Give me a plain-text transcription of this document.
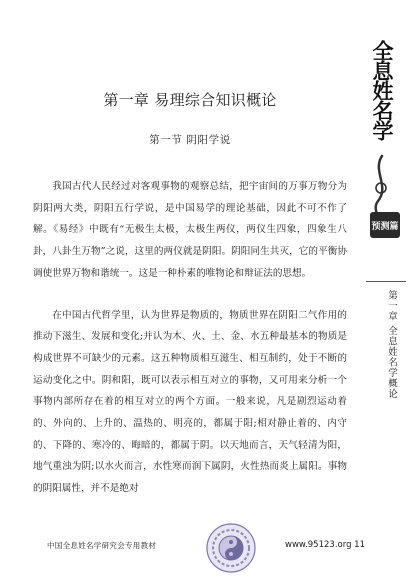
第一章 易理综合知识概论
第一节 阴阳学说

我国古代人民经过对客观事物的观察总结，把宇宙间的万事万物分为阴阳两大类，阴阳五行学说，是中国易学的理论基础，因此不可不作了解。《易经》中既有“无极生太极，太极生两仪，两仪生四象，四象生八卦，八卦生万物”之说，这里的两仪就是阴阳。阴阳同生共灭，它的平衡协调使世界万物和谐统一。这是一种朴素的唯物论和辩证法的思想。

在中国古代哲学里，认为世界是物质的，物质世界在阴阳二气作用的推动下滋生、发展和变化;并认为木、火、土、金、水五种最基本的物质是构成世界不可缺少的元素。这五种物质相互滋生、相互制约，处于不断的运动变化之中。阴和阳，既可以表示相互对立的事物，又可用来分析一个事物内部所存在着的相互对立的两个方面。一般来说，凡是剧烈运动着的、外向的、上升的、温热的、明亮的，都属于阳;相对静止着的、内守的、下降的、寒冷的、晦暗的，都属于阴。以天地而言，天气轻清为阳，地气重浊为阴;以水火而言，水性寒而润下属阴，火性热而炎上属阳。事物的阴阳属性，并不是绝对

全息姓名学
预测篇
第一章 全息姓名学概论
中国全息姓名学研究会专用教材	www.95123.org 11
